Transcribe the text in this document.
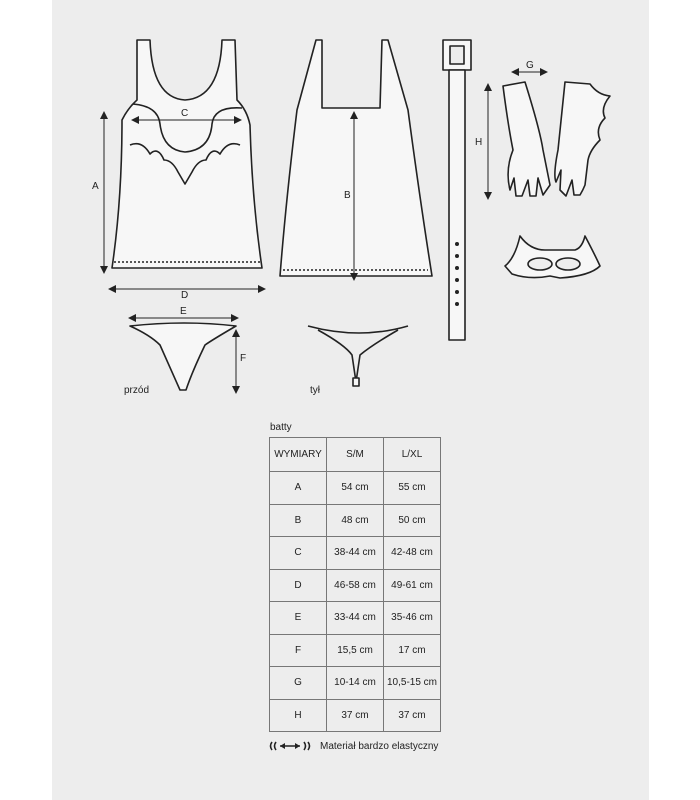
A
B
C
D
E
F
G
H
przód	tył
batty
WYMIARY	S/M	L/XL
A	54 cm	55 cm
B	48 cm	50 cm
C	38-44 cm	42-48 cm
D	46-58 cm	49-61 cm
E	33-44 cm	35-46 cm
F	15,5 cm	17 cm
G	10-14 cm	10,5-15 cm
H	37 cm	37 cm
Materiał bardzo elastyczny
